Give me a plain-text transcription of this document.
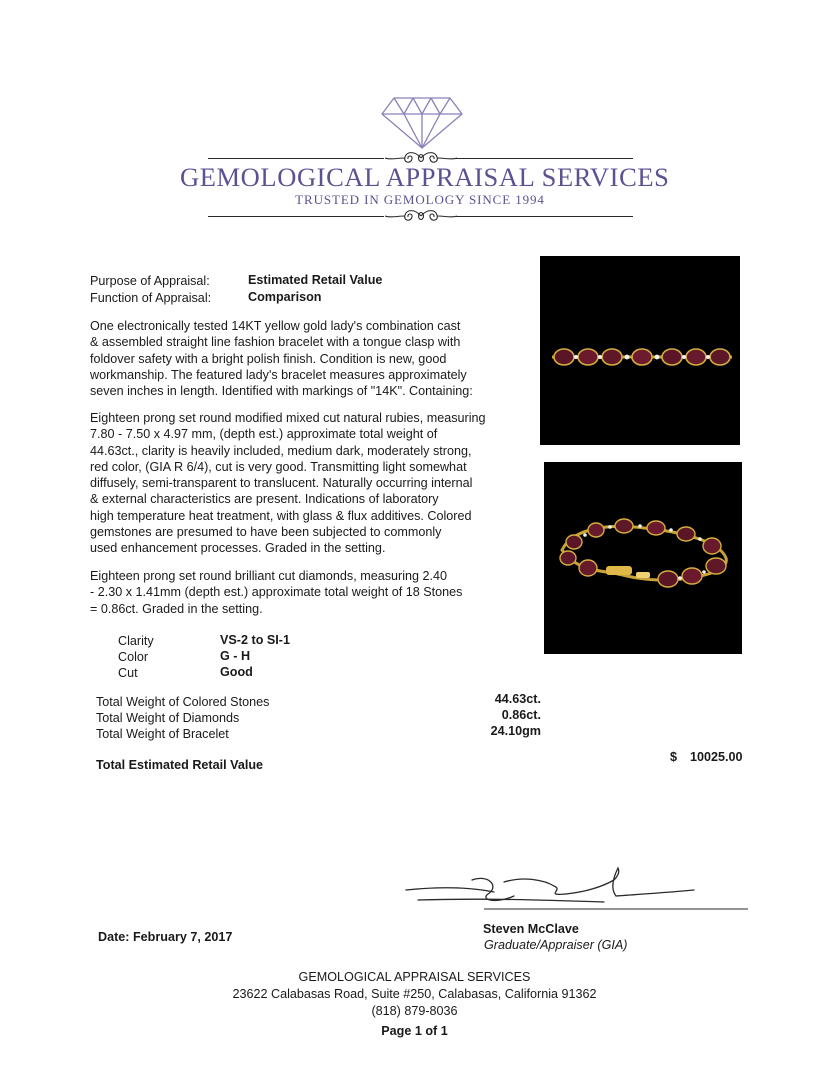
GEMOLOGICAL APPRAISAL SERVICES
TRUSTED IN GEMOLOGY SINCE 1994
Purpose of Appraisal:	Estimated Retail Value
Function of Appraisal:	Comparison
One electronically tested 14KT yellow gold lady's combination cast
& assembled straight line fashion bracelet with a tongue clasp with
foldover safety with a bright polish finish. Condition is new, good
workmanship. The featured lady's bracelet measures approximately
seven inches in length. Identified with markings of "14K". Containing:
Eighteen prong set round modified mixed cut natural rubies, measuring
7.80 - 7.50 x 4.97 mm, (depth est.) approximate total weight of
44.63ct., clarity is heavily included, medium dark, moderately strong,
red color, (GIA R 6/4), cut is very good. Transmitting light somewhat
diffusely, semi-transparent to translucent. Naturally occurring internal
& external characteristics are present. Indications of laboratory
high temperature heat treatment, with glass & flux additives. Colored
gemstones are presumed to have been subjected to commonly
used enhancement processes. Graded in the setting.
Eighteen prong set round brilliant cut diamonds, measuring 2.40
- 2.30 x 1.41mm (depth est.) approximate total weight of 18 Stones
= 0.86ct. Graded in the setting.
Clarity	VS-2 to SI-1
Color	G - H
Cut	Good
Total Weight of Colored Stones	44.63ct.
Total Weight of Diamonds	0.86ct.
Total Weight of Bracelet	24.10gm
Total Estimated Retail Value
$ 10025.00
Steven McClave
Graduate/Appraiser (GIA)
Date: February 7, 2017
GEMOLOGICAL APPRAISAL SERVICES
23622 Calabasas Road, Suite #250, Calabasas, California 91362
(818) 879-8036
Page 1 of 1
